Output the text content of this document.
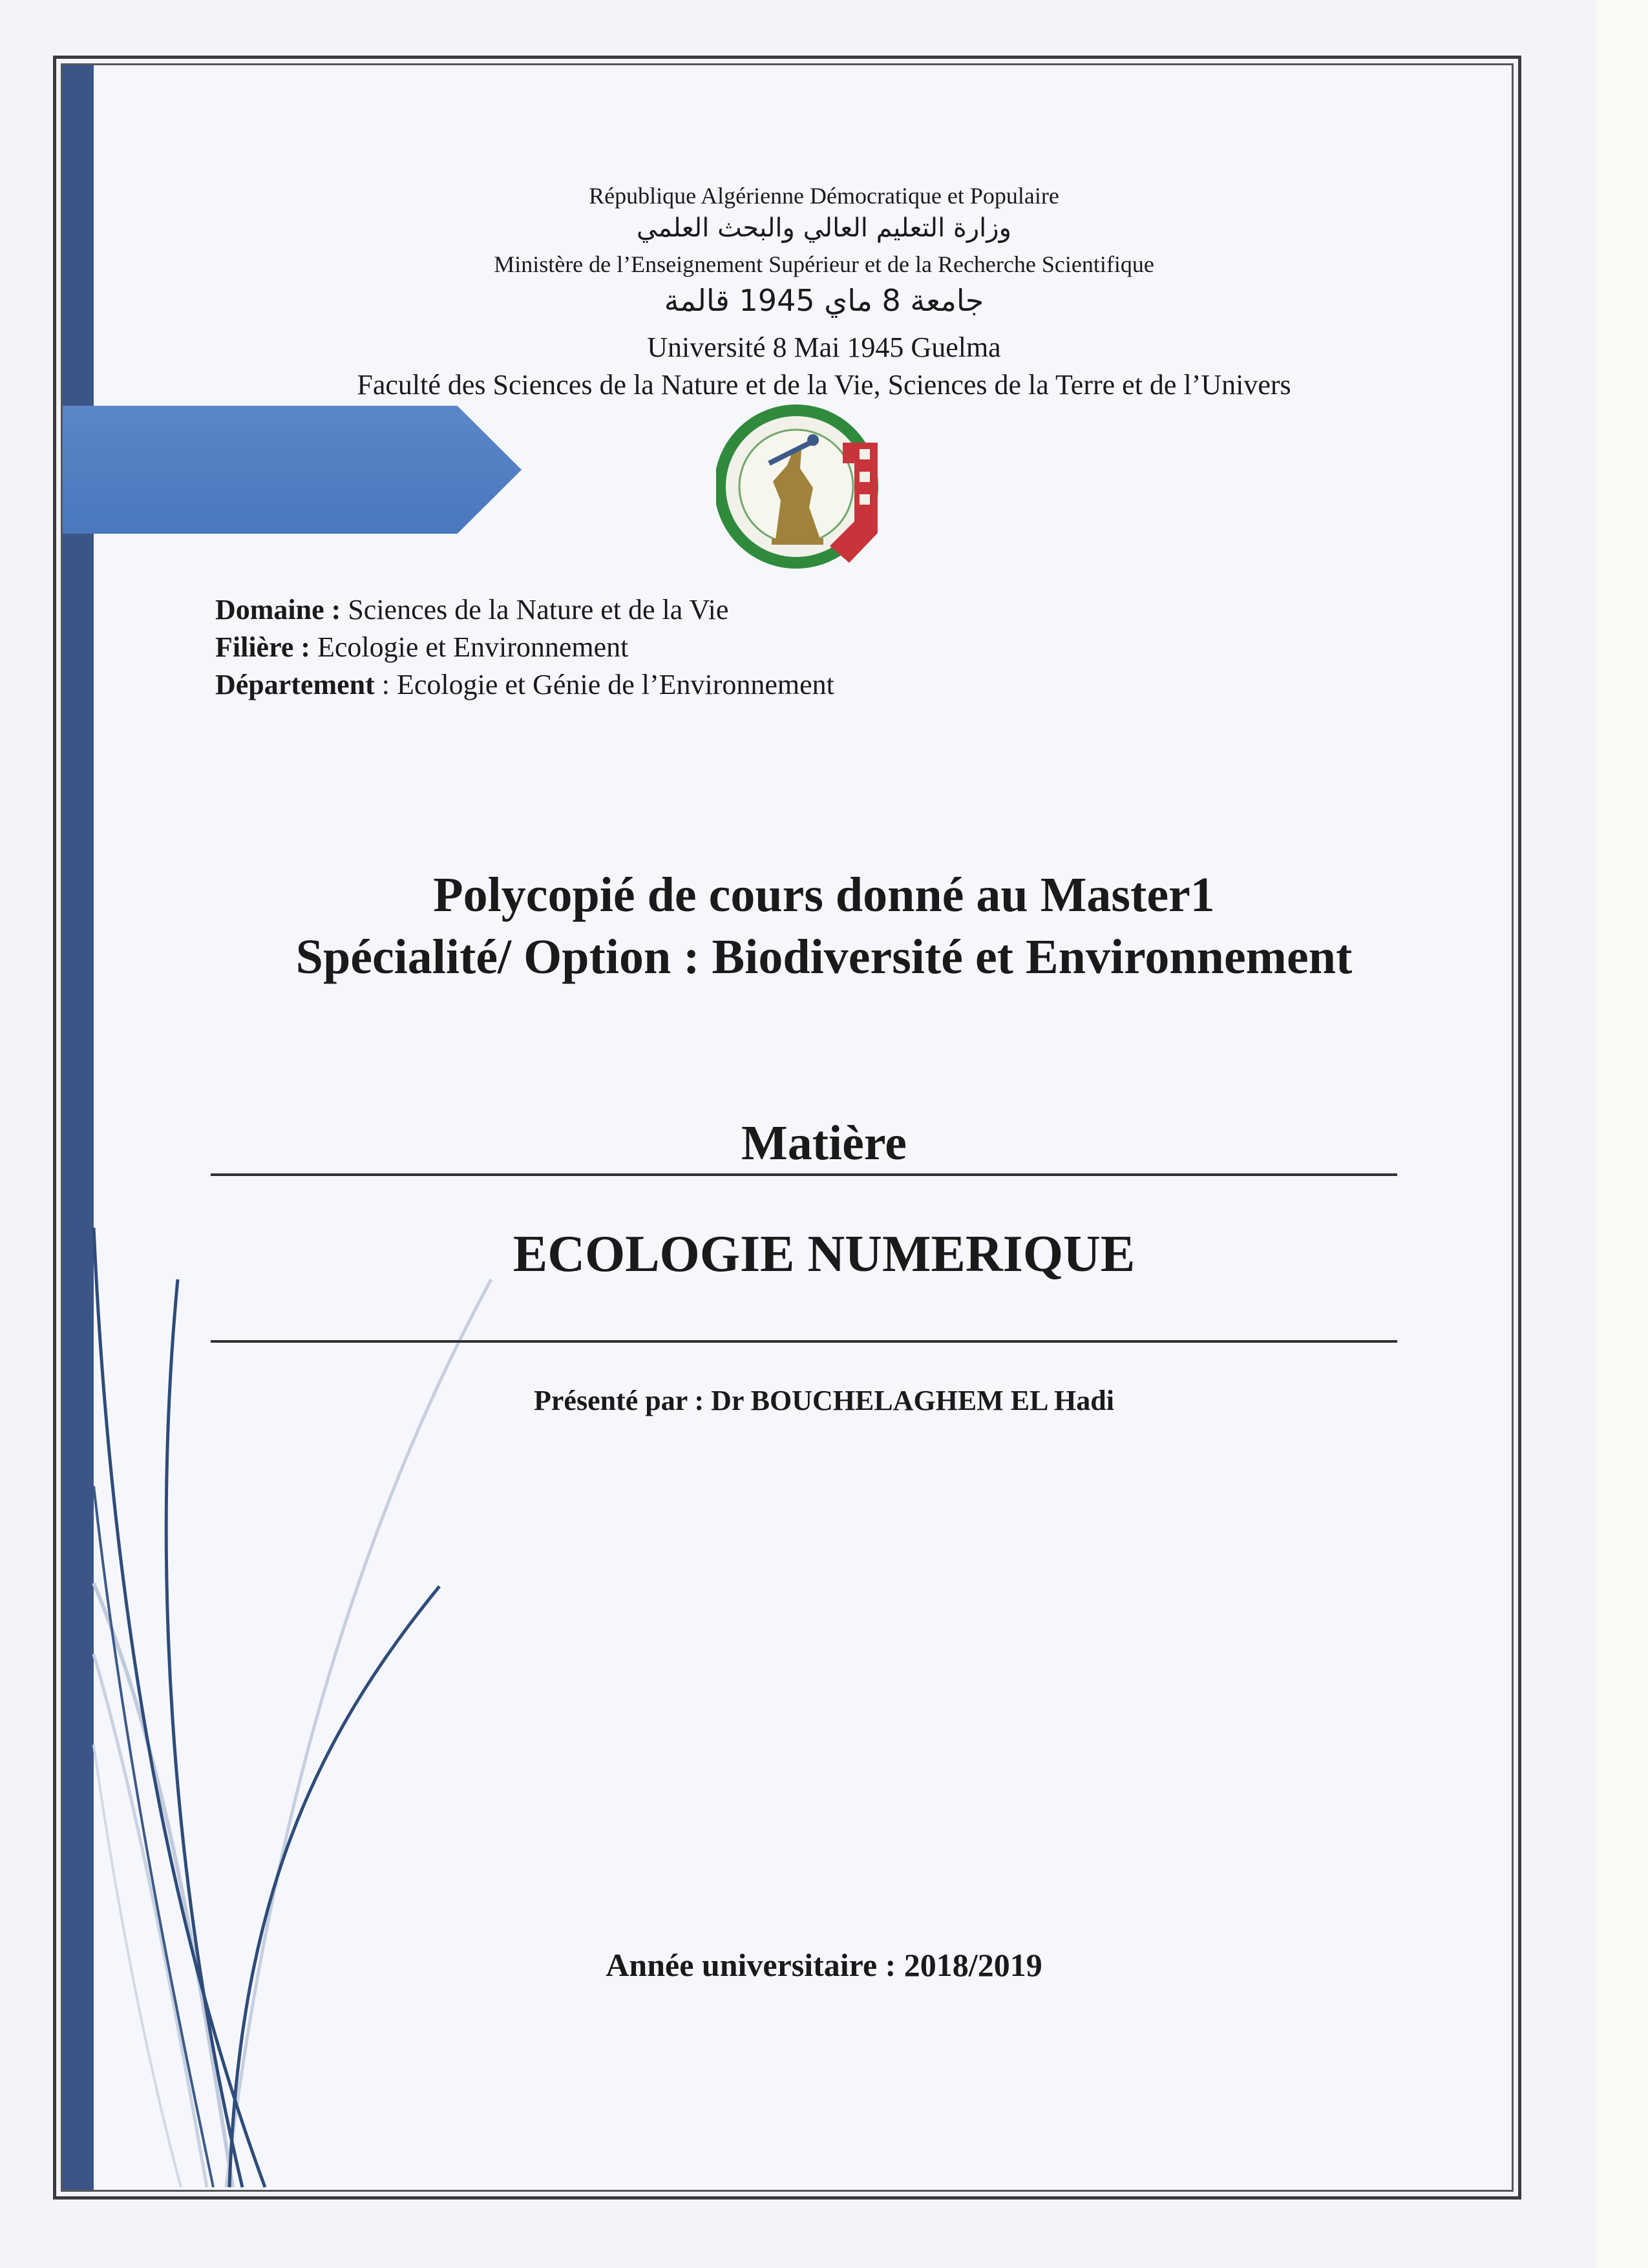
République Algérienne Démocratique et Populaire
وزارة التعليم العالي والبحث العلمي
Ministère de l’Enseignement Supérieur et de la Recherche Scientifique
جامعة 8 ماي 1945 قالمة
Université 8 Mai 1945 Guelma
Faculté des Sciences de la Nature et de la Vie, Sciences de la Terre et de l’Univers
Domaine : Sciences de la Nature et de la Vie
Filière : Ecologie et Environnement
Département : Ecologie et Génie de l’Environnement
Polycopié de cours donné au Master1
Spécialité/ Option : Biodiversité et Environnement
Matière
ECOLOGIE NUMERIQUE
Présenté par : Dr BOUCHELAGHEM EL Hadi
Année universitaire : 2018/2019
